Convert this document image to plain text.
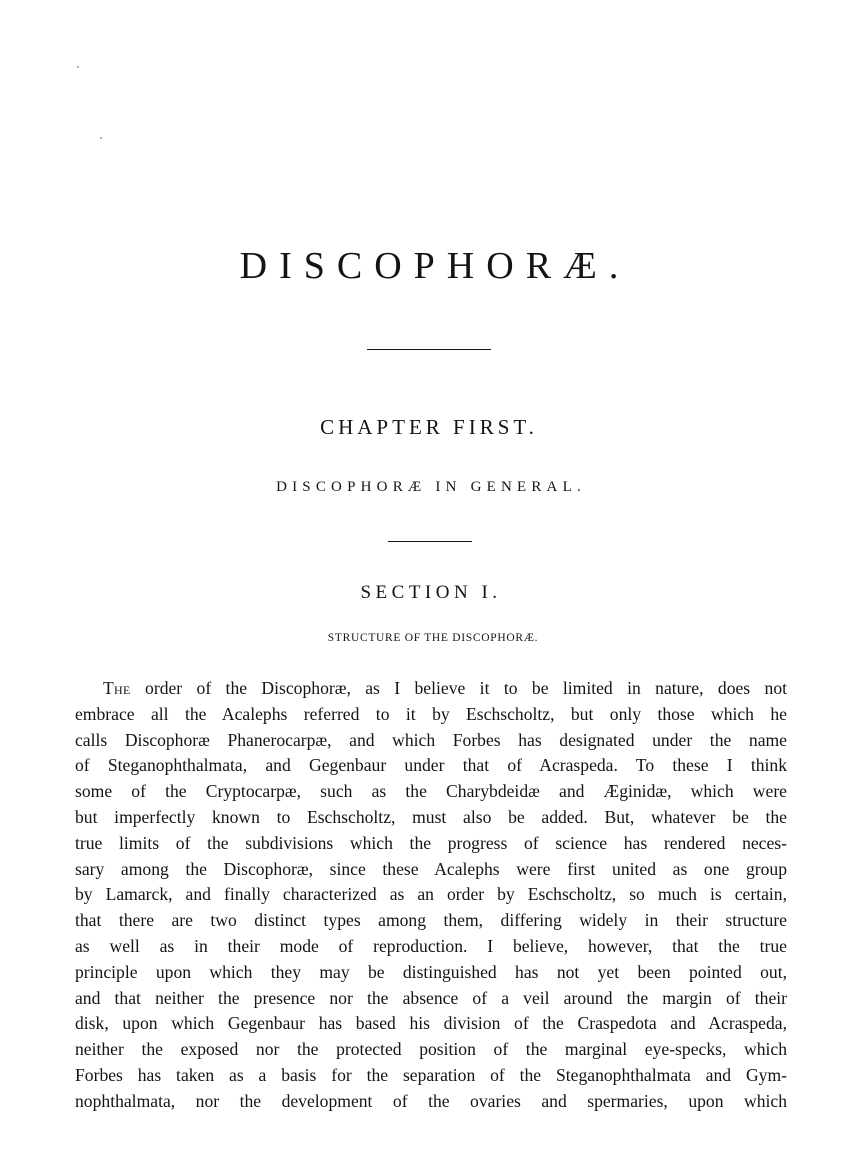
DISCOPHORÆ.
CHAPTER FIRST.
DISCOPHORÆ IN GENERAL.
SECTION I.
STRUCTURE OF THE DISCOPHORÆ.
The order of the Discophoræ, as I believe it to be limited in nature, does not
embrace all the Acalephs referred to it by Eschscholtz, but only those which he
calls Discophoræ Phanerocarpæ, and which Forbes has designated under the name
of Steganophthalmata, and Gegenbaur under that of Acraspeda. To these I think
some of the Cryptocarpæ, such as the Charybdeidæ and Æginidæ, which were
but imperfectly known to Eschscholtz, must also be added. But, whatever be the
true limits of the subdivisions which the progress of science has rendered neces-
sary among the Discophoræ, since these Acalephs were first united as one group
by Lamarck, and finally characterized as an order by Eschscholtz, so much is certain,
that there are two distinct types among them, differing widely in their structure
as well as in their mode of reproduction. I believe, however, that the true
principle upon which they may be distinguished has not yet been pointed out,
and that neither the presence nor the absence of a veil around the margin of their
disk, upon which Gegenbaur has based his division of the Craspedota and Acraspeda,
neither the exposed nor the protected position of the marginal eye-specks, which
Forbes has taken as a basis for the separation of the Steganophthalmata and Gym-
nophthalmata, nor the development of the ovaries and spermaries, upon which
